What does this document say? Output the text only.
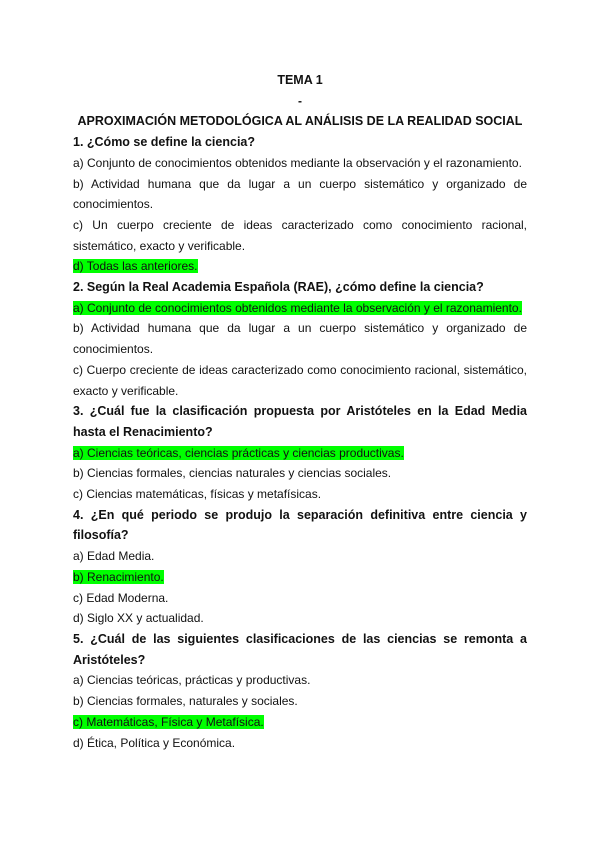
TEMA 1
-
APROXIMACIÓN METODOLÓGICA AL ANÁLISIS DE LA REALIDAD SOCIAL
1. ¿Cómo se define la ciencia?
a) Conjunto de conocimientos obtenidos mediante la observación y el razonamiento.
b) Actividad humana que da lugar a un cuerpo sistemático y organizado de conocimientos.
c) Un cuerpo creciente de ideas caracterizado como conocimiento racional, sistemático, exacto y verificable.
d) Todas las anteriores.
2. Según la Real Academia Española (RAE), ¿cómo define la ciencia?
a) Conjunto de conocimientos obtenidos mediante la observación y el razonamiento.
b) Actividad humana que da lugar a un cuerpo sistemático y organizado de conocimientos.
c) Cuerpo creciente de ideas caracterizado como conocimiento racional, sistemático, exacto y verificable.
3. ¿Cuál fue la clasificación propuesta por Aristóteles en la Edad Media hasta el Renacimiento?
a) Ciencias teóricas, ciencias prácticas y ciencias productivas.
b) Ciencias formales, ciencias naturales y ciencias sociales.
c) Ciencias matemáticas, físicas y metafísicas.
4. ¿En qué periodo se produjo la separación definitiva entre ciencia y filosofía?
a) Edad Media.
b) Renacimiento.
c) Edad Moderna.
d) Siglo XX y actualidad.
5. ¿Cuál de las siguientes clasificaciones de las ciencias se remonta a Aristóteles?
a) Ciencias teóricas, prácticas y productivas.
b) Ciencias formales, naturales y sociales.
c) Matemáticas, Física y Metafísica.
d) Ética, Política y Económica.
